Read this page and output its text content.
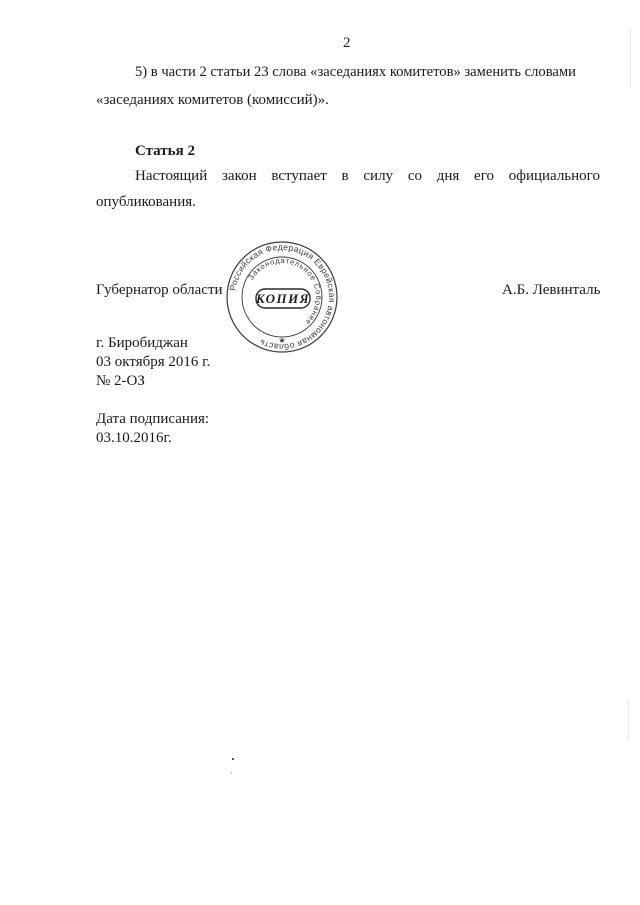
2
5) в части 2 статьи 23 слова «заседаниях комитетов» заменить словами
«заседаниях комитетов (комиссий)».
Статья 2
Настоящий закон вступает в силу со дня его официального
опубликования.
Губернатор области	А.Б. Левинталь
Российская Федерация Еврейская автономная область
Законодательное Собрание
КОПИЯ
★
г. Биробиджан
03 октября 2016 г.
№ 2-ОЗ
Дата подписания:
03.10.2016г.
